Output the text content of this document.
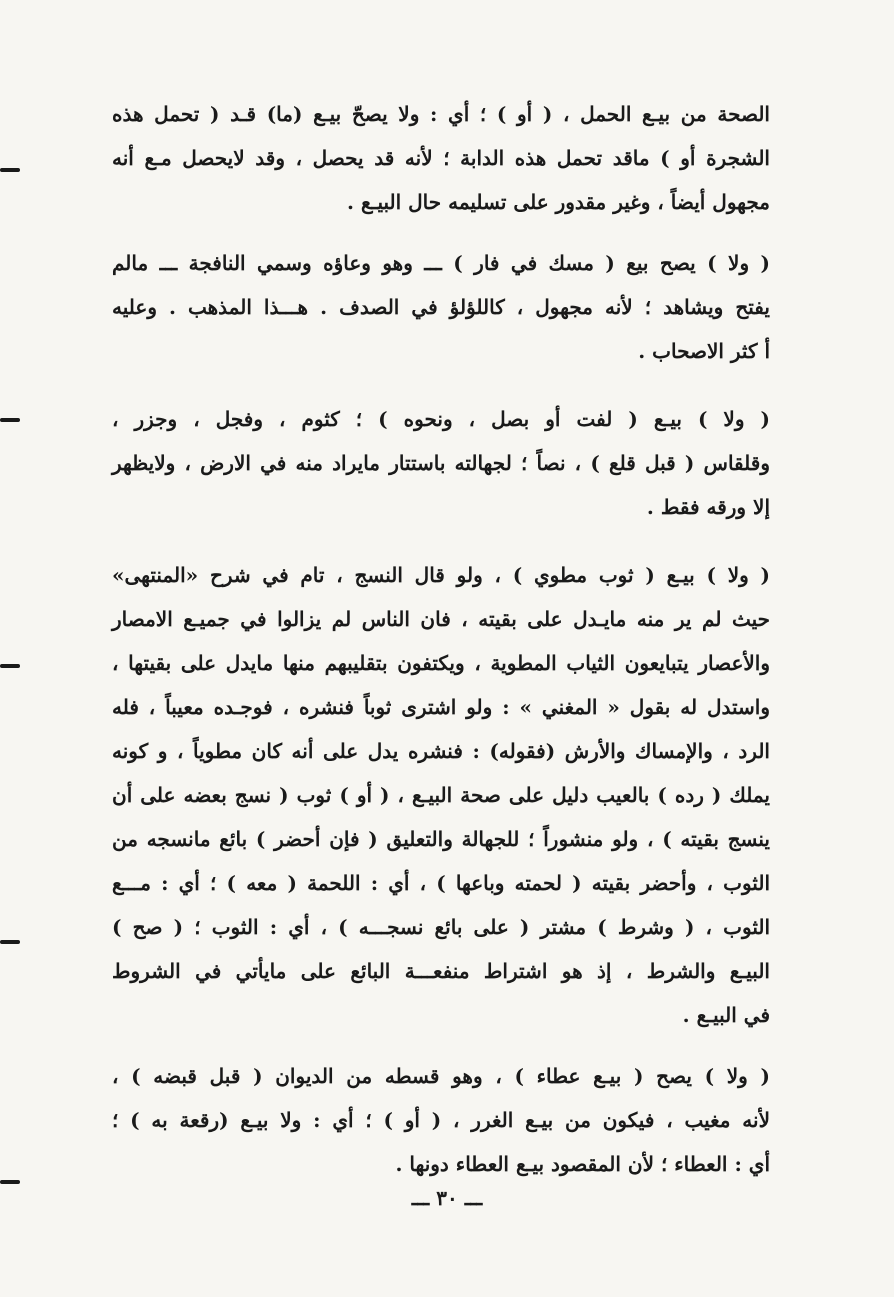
الصحة من بيـع الحمل ، ( أو ) ؛ أي : ولا يصحّ بيـع (ما) قـد ( تحمل هذه
الشجرة أو ) ماقد تحمل هذه الدابة ؛ لأنه قد يحصل ، وقد لايحصل مـع أنه
مجهول أيضاً ، وغير مقدور على تسليمه حال البيـع .

( ولا ) يصح بيع ( مسك في فار ) ـــ وهو وعاؤه وسمي النافجة ـــ مالم
يفتح ويشاهد ؛ لأنه مجهول ، كاللؤلؤ في الصدف . هـــذا المذهب . وعليه
أ كثر الاصحاب .

( ولا ) بيـع ( لفت أو بصل ، ونحوه ) ؛ كثوم ، وفجل ، وجزر ،
وقلقاس ( قبل قلع ) ، نصاً ؛ لجهالته باستتار مايراد منه في الارض ، ولايظهر
إلا ورقه فقط .

( ولا ) بيـع ( ثوب مطوي ) ، ولو قال النسج ، تام في شرح «المنتهى»
حيث لم ير منه مايـدل على بقيته ، فان الناس لم يزالوا في جميـع الامصار
والأعصار يتبايعون الثياب المطوية ، ويكتفون بتقليبهم منها مايدل على بقيتها ،
واستدل له بقول « المغني » : ولو اشترى ثوباً فنشره ، فوجـده معيباً ، فله
الرد ، والإمساك والأرش (فقوله) : فنشره يدل على أنه كان مطوياً ، و كونه
يملك ( رده ) بالعيب دليل على صحة البيـع ، ( أو ) ثوب ( نسج بعضه على أن
ينسج بقيته ) ، ولو منشوراً ؛ للجهالة والتعليق ( فإن أحضر ) بائع مانسجه من
الثوب ، وأحضر بقيته ( لحمته وباعها ) ، أي : اللحمة ( معه ) ؛ أي : مـــع
الثوب ، ( وشرط ) مشتر ( على بائع نسجـــه ) ، أي : الثوب ؛ ( صح )
البيـع والشرط ، إذ هو اشتراط منفعـــة البائع على مايأتي في الشروط
في البيـع .

( ولا ) يصح ( بيـع عطاء ) ، وهو قسطه من الديوان ( قبل قبضه ) ،
لأنه مغيب ، فيكون من بيـع الغرر ، ( أو ) ؛ أي : ولا بيـع (رقعة به ) ؛
أي : العطاء ؛ لأن المقصود بيـع العطاء دونها .

ـــ ٣٠ ـــ
